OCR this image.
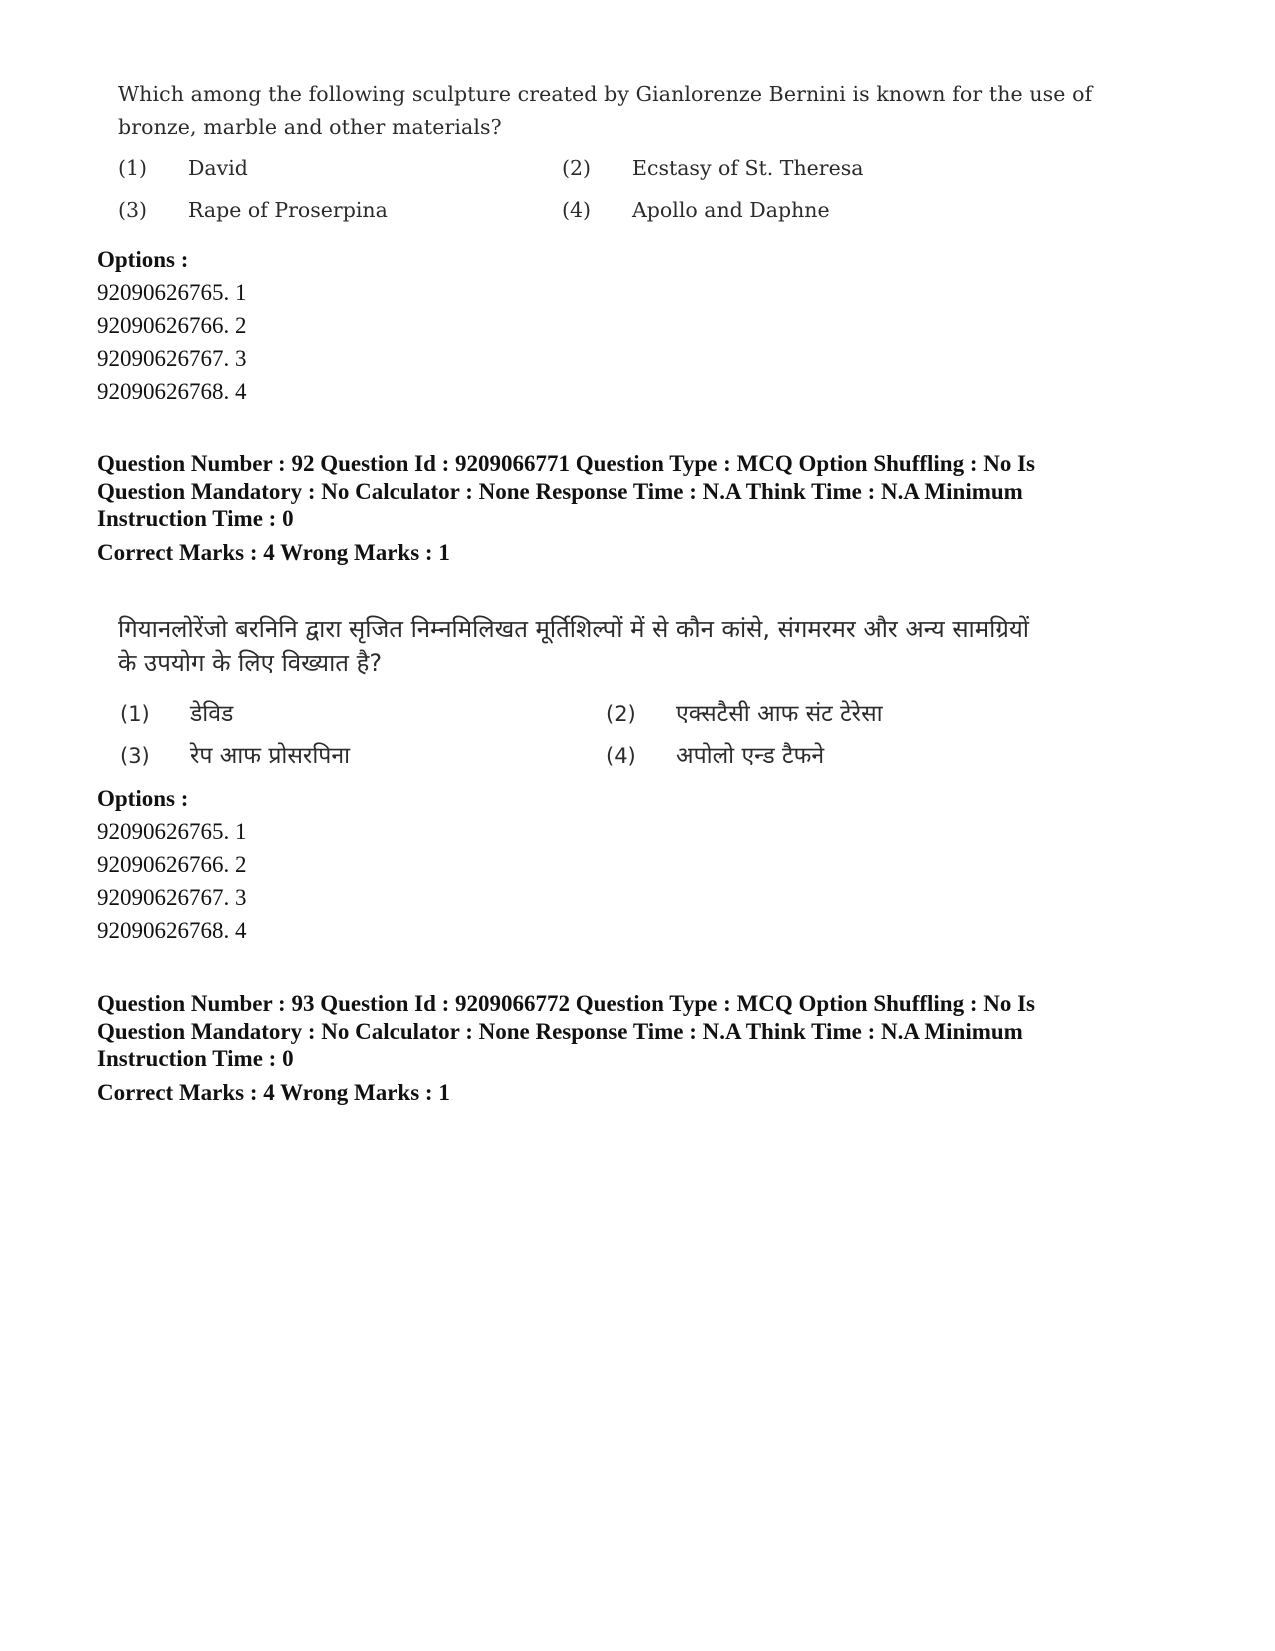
Which among the following sculpture created by Gianlorenze Bernini is known for the use of
bronze, marble and other materials?
(1)	David	(2)	Ecstasy of St. Theresa
(3)	Rape of Proserpina	(4)	Apollo and Daphne
Options :
92090626765. 1
92090626766. 2
92090626767. 3
92090626768. 4
Question Number : 92 Question Id : 9209066771 Question Type : MCQ Option Shuffling : No Is
Question Mandatory : No Calculator : None Response Time : N.A Think Time : N.A Minimum
Instruction Time : 0
Correct Marks : 4 Wrong Marks : 1
गियानलोरेंजो बरनिनि द्वारा सृजित निम्नमिलिखत मूर्तिशिल्पों में से कौन कांसे, संगमरमर और अन्य सामग्रियों
के उपयोग के लिए विख्यात है?
(1)	डेविड	(2)	एक्सटैसी आफ संट टेरेसा
(3)	रेप आफ प्रोसरपिना	(4)	अपोलो एन्ड टैफने
Options :
92090626765. 1
92090626766. 2
92090626767. 3
92090626768. 4
Question Number : 93 Question Id : 9209066772 Question Type : MCQ Option Shuffling : No Is
Question Mandatory : No Calculator : None Response Time : N.A Think Time : N.A Minimum
Instruction Time : 0
Correct Marks : 4 Wrong Marks : 1
